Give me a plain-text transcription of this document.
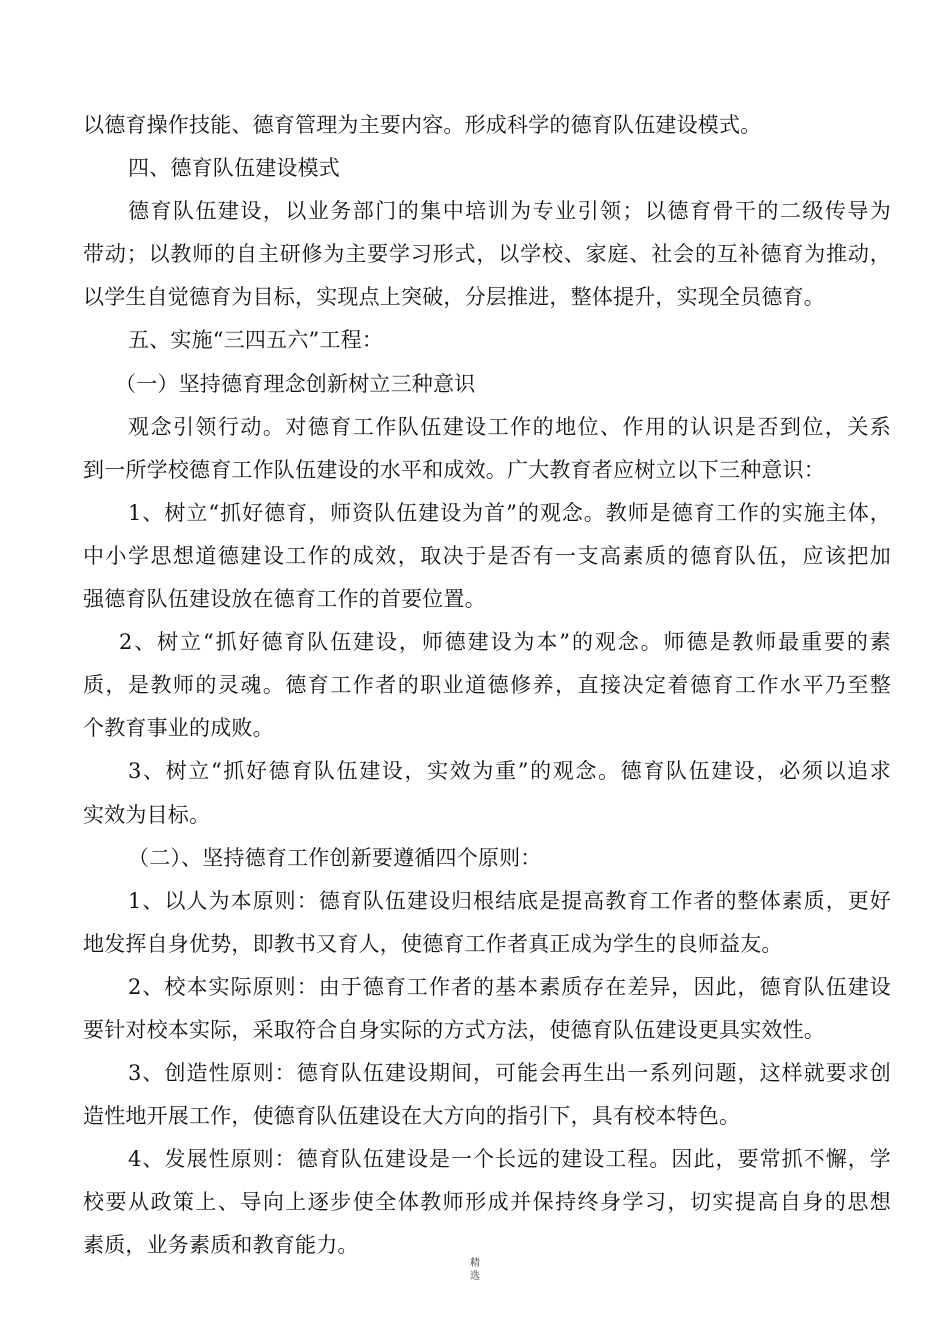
以德育操作技能、德育管理为主要内容。形成科学的德育队伍建设模式。
四、德育队伍建设模式
德育队伍建设，以业务部门的集中培训为专业引领；以德育骨干的二级传导为
带动；以教师的自主研修为主要学习形式，以学校、家庭、社会的互补德育为推动，
以学生自觉德育为目标，实现点上突破，分层推进，整体提升，实现全员德育。
五、实施“三四五六”工程：
（一）坚持德育理念创新树立三种意识
观念引领行动。对德育工作队伍建设工作的地位、作用的认识是否到位，关系
到一所学校德育工作队伍建设的水平和成效。广大教育者应树立以下三种意识：
1、树立“抓好德育，师资队伍建设为首”的观念。教师是德育工作的实施主体，
中小学思想道德建设工作的成效，取决于是否有一支高素质的德育队伍，应该把加
强德育队伍建设放在德育工作的首要位置。
2、树立“抓好德育队伍建设，师德建设为本”的观念。师德是教师最重要的素
质，是教师的灵魂。德育工作者的职业道德修养，直接决定着德育工作水平乃至整
个教育事业的成败。
3、树立“抓好德育队伍建设，实效为重”的观念。德育队伍建设，必须以追求
实效为目标。
（二）、坚持德育工作创新要遵循四个原则：
1、以人为本原则：德育队伍建设归根结底是提高教育工作者的整体素质，更好
地发挥自身优势，即教书又育人，使德育工作者真正成为学生的良师益友。
2、校本实际原则：由于德育工作者的基本素质存在差异，因此，德育队伍建设
要针对校本实际，采取符合自身实际的方式方法，使德育队伍建设更具实效性。
3、创造性原则：德育队伍建设期间，可能会再生出一系列问题，这样就要求创
造性地开展工作，使德育队伍建设在大方向的指引下，具有校本特色。
4、发展性原则：德育队伍建设是一个长远的建设工程。因此，要常抓不懈，学
校要从政策上、导向上逐步使全体教师形成并保持终身学习，切实提高自身的思想
素质，业务素质和教育能力。
精
选
